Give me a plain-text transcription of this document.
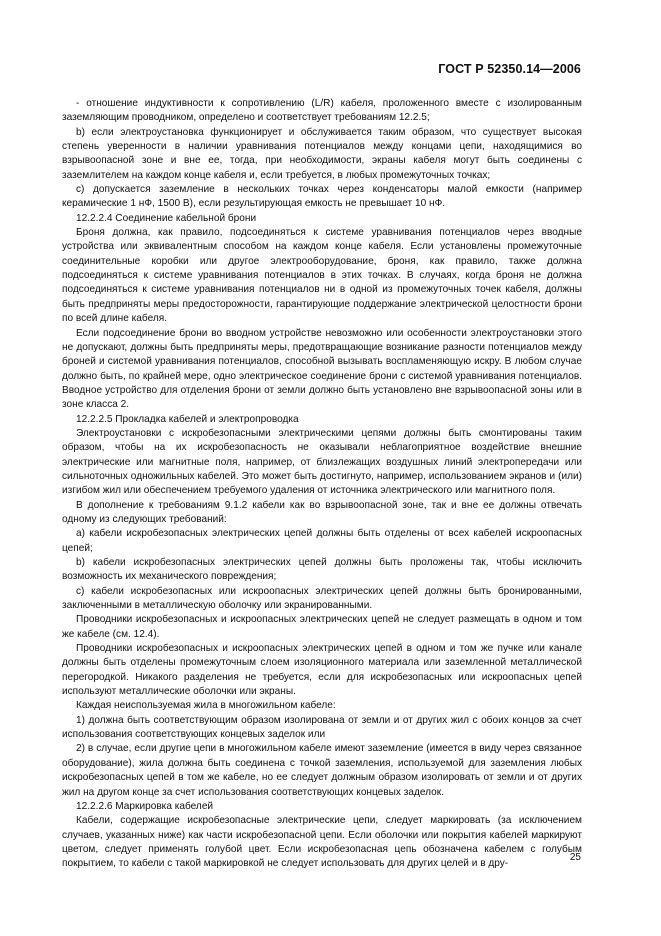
ГОСТ Р 52350.14—2006

- отношение индуктивности к сопротивлению (L/R) кабеля, проложенного вместе с изолированным заземляющим проводником, определено и соответствует требованиям 12.2.5;

b) если электроустановка функционирует и обслуживается таким образом, что существует высокая степень уверенности в наличии уравнивания потенциалов между концами цепи, находящимися во взрывоопасной зоне и вне ее, тогда, при необходимости, экраны кабеля могут быть соединены с заземлителем на каждом конце кабеля и, если требуется, в любых промежуточных точках;

c) допускается заземление в нескольких точках через конденсаторы малой емкости (например керамические 1 нФ, 1500 В), если результирующая емкость не превышает 10 нФ.

12.2.2.4 Соединение кабельной брони

Броня должна, как правило, подсоединяться к системе уравнивания потенциалов через вводные устройства или эквивалентным способом на каждом конце кабеля. Если установлены промежуточные соединительные коробки или другое электрооборудование, броня, как правило, также должна подсоединяться к системе уравнивания потенциалов в этих точках. В случаях, когда броня не должна подсоединяться к системе уравнивания потенциалов ни в одной из промежуточных точек кабеля, должны быть предприняты меры предосторожности, гарантирующие поддержание электрической целостности брони по всей длине кабеля.

Если подсоединение брони во вводном устройстве невозможно или особенности электроустановки этого не допускают, должны быть предприняты меры, предотвращающие возникание разности потенциалов между броней и системой уравнивания потенциалов, способной вызывать воспламеняющую искру. В любом случае должно быть, по крайней мере, одно электрическое соединение брони с системой уравнивания потенциалов. Вводное устройство для отделения брони от земли должно быть установлено вне взрывоопасной зоны или в зоне класса 2.

12.2.2.5 Прокладка кабелей и электропроводка

Электроустановки с искробезопасными электрическими цепями должны быть смонтированы таким образом, чтобы на их искробезопасность не оказывали неблагоприятное воздействие внешние электрические или магнитные поля, например, от близлежащих воздушных линий электропередачи или сильноточных одножильных кабелей. Это может быть достигнуто, например, использованием экранов и (или) изгибом жил или обеспечением требуемого удаления от источника электрического или магнитного поля.

В дополнение к требованиям 9.1.2 кабели как во взрывоопасной зоне, так и вне ее должны отвечать одному из следующих требований:

а) кабели искробезопасных электрических цепей должны быть отделены от всех кабелей искроопасных цепей;

b) кабели искробезопасных электрических цепей должны быть проложены так, чтобы исключить возможность их механического повреждения;

c) кабели искробезопасных или искроопасных электрических цепей должны быть бронированными, заключенными в металлическую оболочку или экранированными.

Проводники искробезопасных и искроопасных электрических цепей не следует размещать в одном и том же кабеле (см. 12.4).

Проводники искробезопасных и искроопасных электрических цепей в одном и том же пучке или канале должны быть отделены промежуточным слоем изоляционного материала или заземленной металлической перегородкой. Никакого разделения не требуется, если для искробезопасных или искроопасных цепей используют металлические оболочки или экраны.

Каждая неиспользуемая жила в многожильном кабеле:

1) должна быть соответствующим образом изолирована от земли и от других жил с обоих концов за счет использования соответствующих концевых заделок или

2) в случае, если другие цепи в многожильном кабеле имеют заземление (имеется в виду через связанное оборудование), жила должна быть соединена с точкой заземления, используемой для заземления любых искробезопасных цепей в том же кабеле, но ее следует должным образом изолировать от земли и от других жил на другом конце за счет использования соответствующих концевых заделок.

12.2.2.6 Маркировка кабелей

Кабели, содержащие искробезопасные электрические цепи, следует маркировать (за исключением случаев, указанных ниже) как части искробезопасной цепи. Если оболочки или покрытия кабелей маркируют цветом, следует применять голубой цвет. Если искробезопасная цепь обозначена кабелем с голубым покрытием, то кабели с такой маркировкой не следует использовать для других целей и в дру-

25
